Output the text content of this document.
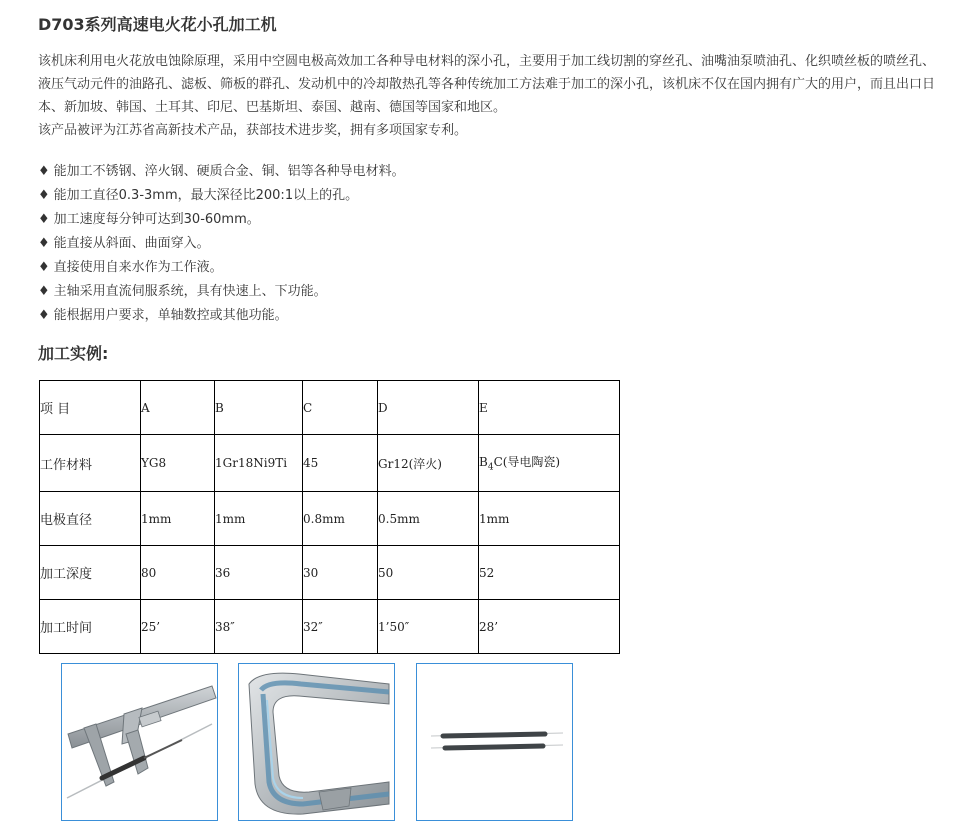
D703系列高速电火花小孔加工机

该机床利用电火花放电蚀除原理，采用中空圆电极高效加工各种导电材料的深小孔，主要用于加工线切割的穿丝孔、油嘴油泵喷油孔、化织喷丝板的喷丝孔、液压气动元件的油路孔、滤板、筛板的群孔、发动机中的冷却散热孔等各种传统加工方法难于加工的深小孔，该机床不仅在国内拥有广大的用户，而且出口日本、新加坡、韩国、土耳其、印尼、巴基斯坦、泰国、越南、德国等国家和地区。

该产品被评为江苏省高新技术产品，获部技术进步奖，拥有多项国家专利。

♦ 能加工不锈钢、淬火钢、硬质合金、铜、铝等各种导电材料。
♦ 能加工直径0.3-3mm，最大深径比200:1以上的孔。
♦ 加工速度每分钟可达到30-60mm。
♦ 能直接从斜面、曲面穿入。
♦ 直接使用自来水作为工作液。
♦ 主轴采用直流伺服系统，具有快速上、下功能。
♦ 能根据用户要求，单轴数控或其他功能。
加工实例:
项 目	A	B	C	D	E
工作材料	YG8	1Gr18Ni9Ti	45	Gr12(淬火)	$B_4C$(导电陶瓷)
电极直径	1mm	1mm	0.8mm	0.5mm	1mm
加工深度	80	36	30	50	52
加工时间	25’	38″	32″	1’50″	28’
